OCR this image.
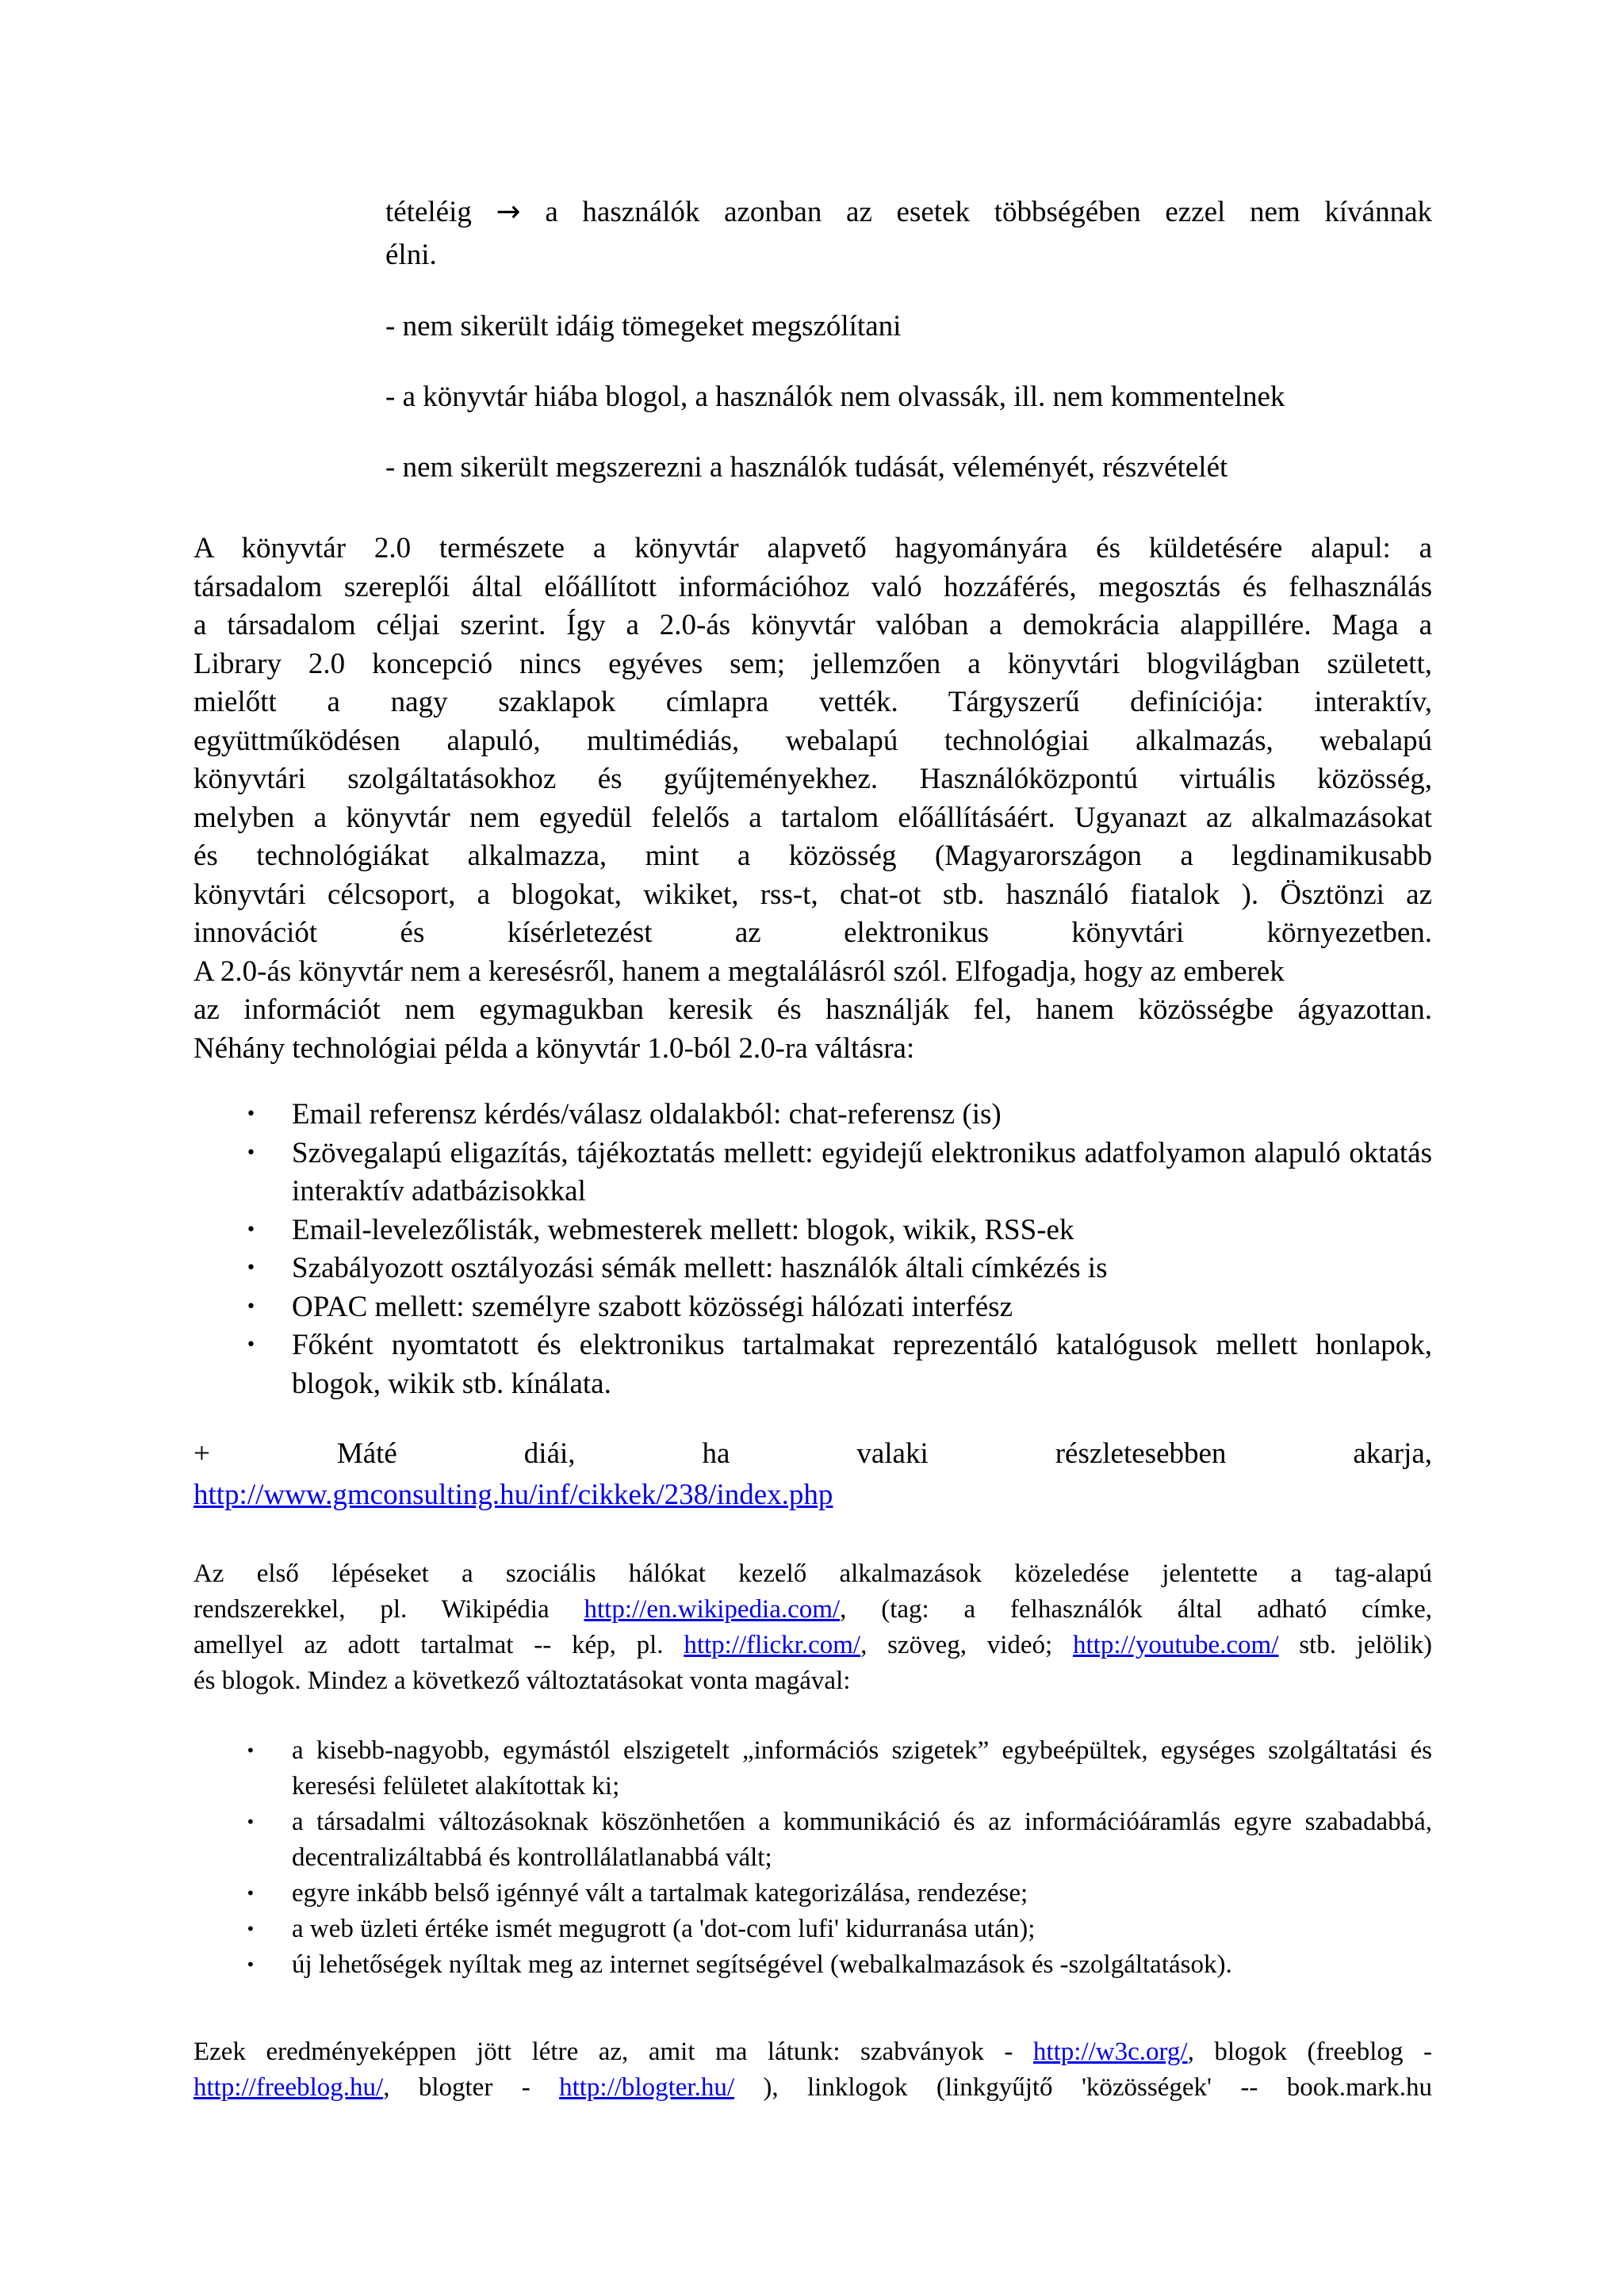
tételéig → a használók azonban az esetek többségében ezzel nem kívánnak

élni.

- nem sikerült idáig tömegeket megszólítani

- a könyvtár hiába blogol, a használók nem olvassák, ill. nem kommentelnek

- nem sikerült megszerezni a használók tudását, véleményét, részvételét

A könyvtár 2.0 természete a könyvtár alapvető hagyományára és küldetésére alapul: a
társadalom szereplői által előállított információhoz való hozzáférés, megosztás és felhasználás
a társadalom céljai szerint. Így a 2.0-ás könyvtár valóban a demokrácia alappillére. Maga a
Library 2.0 koncepció nincs egyéves sem; jellemzően a könyvtári blogvilágban született,
mielőtt a nagy szaklapok címlapra vették. Tárgyszerű definíciója: interaktív,
együttműködésen alapuló, multimédiás, webalapú technológiai alkalmazás, webalapú
könyvtári szolgáltatásokhoz és gyűjteményekhez. Használóközpontú virtuális közösség,
melyben a könyvtár nem egyedül felelős a tartalom előállításáért. Ugyanazt az alkalmazásokat
és technológiákat alkalmazza, mint a közösség (Magyarországon a legdinamikusabb
könyvtári célcsoport, a blogokat, wikiket, rss-t, chat-ot stb. használó fiatalok ). Ösztönzi az
innovációt és kísérletezést az elektronikus könyvtári környezetben.
A 2.0-ás könyvtár nem a keresésről, hanem a megtalálásról szól. Elfogadja, hogy az emberek
az információt nem egymagukban keresik és használják fel, hanem közösségbe ágyazottan.
Néhány technológiai példa a könyvtár 1.0-ból 2.0-ra váltásra:
• Email referensz kérdés/válasz oldalakból: chat-referensz (is)
• Szövegalapú eligazítás, tájékoztatás mellett: egyidejű elektronikus adatfolyamon alapuló oktatás interaktív adatbázisokkal
• Email-levelezőlisták, webmesterek mellett: blogok, wikik, RSS-ek
• Szabályozott osztályozási sémák mellett: használók általi címkézés is
• OPAC mellett: személyre szabott közösségi hálózati interfész
• Főként nyomtatott és elektronikus tartalmakat reprezentáló katalógusok mellett honlapok, blogok, wikik stb. kínálata.
+ Máté diái, ha valaki részletesebben akarja,
http://www.gmconsulting.hu/inf/cikkek/238/index.php
Az első lépéseket a szociális hálókat kezelő alkalmazások közeledése jelentette a tag-alapú
rendszerekkel, pl. Wikipédia http://en.wikipedia.com/, (tag: a felhasználók által adható címke,
amellyel az adott tartalmat -- kép, pl. http://flickr.com/, szöveg, videó; http://youtube.com/ stb. jelölik)
és blogok. Mindez a következő változtatásokat vonta magával:
• a kisebb-nagyobb, egymástól elszigetelt „információs szigetek” egybeépültek, egységes szolgáltatási és keresési felületet alakítottak ki;
• a társadalmi változásoknak köszönhetően a kommunikáció és az információáramlás egyre szabadabbá, decentralizáltabbá és kontrollálatlanabbá vált;
• egyre inkább belső igénnyé vált a tartalmak kategorizálása, rendezése;
• a web üzleti értéke ismét megugrott (a 'dot-com lufi' kidurranása után);
• új lehetőségek nyíltak meg az internet segítségével (webalkalmazások és -szolgáltatások).
Ezek eredményeképpen jött létre az, amit ma látunk: szabványok - http://w3c.org/, blogok (freeblog -
http://freeblog.hu/, blogter - http://blogter.hu/ ), linklogok (linkgyűjtő 'közösségek' -- book.mark.hu
